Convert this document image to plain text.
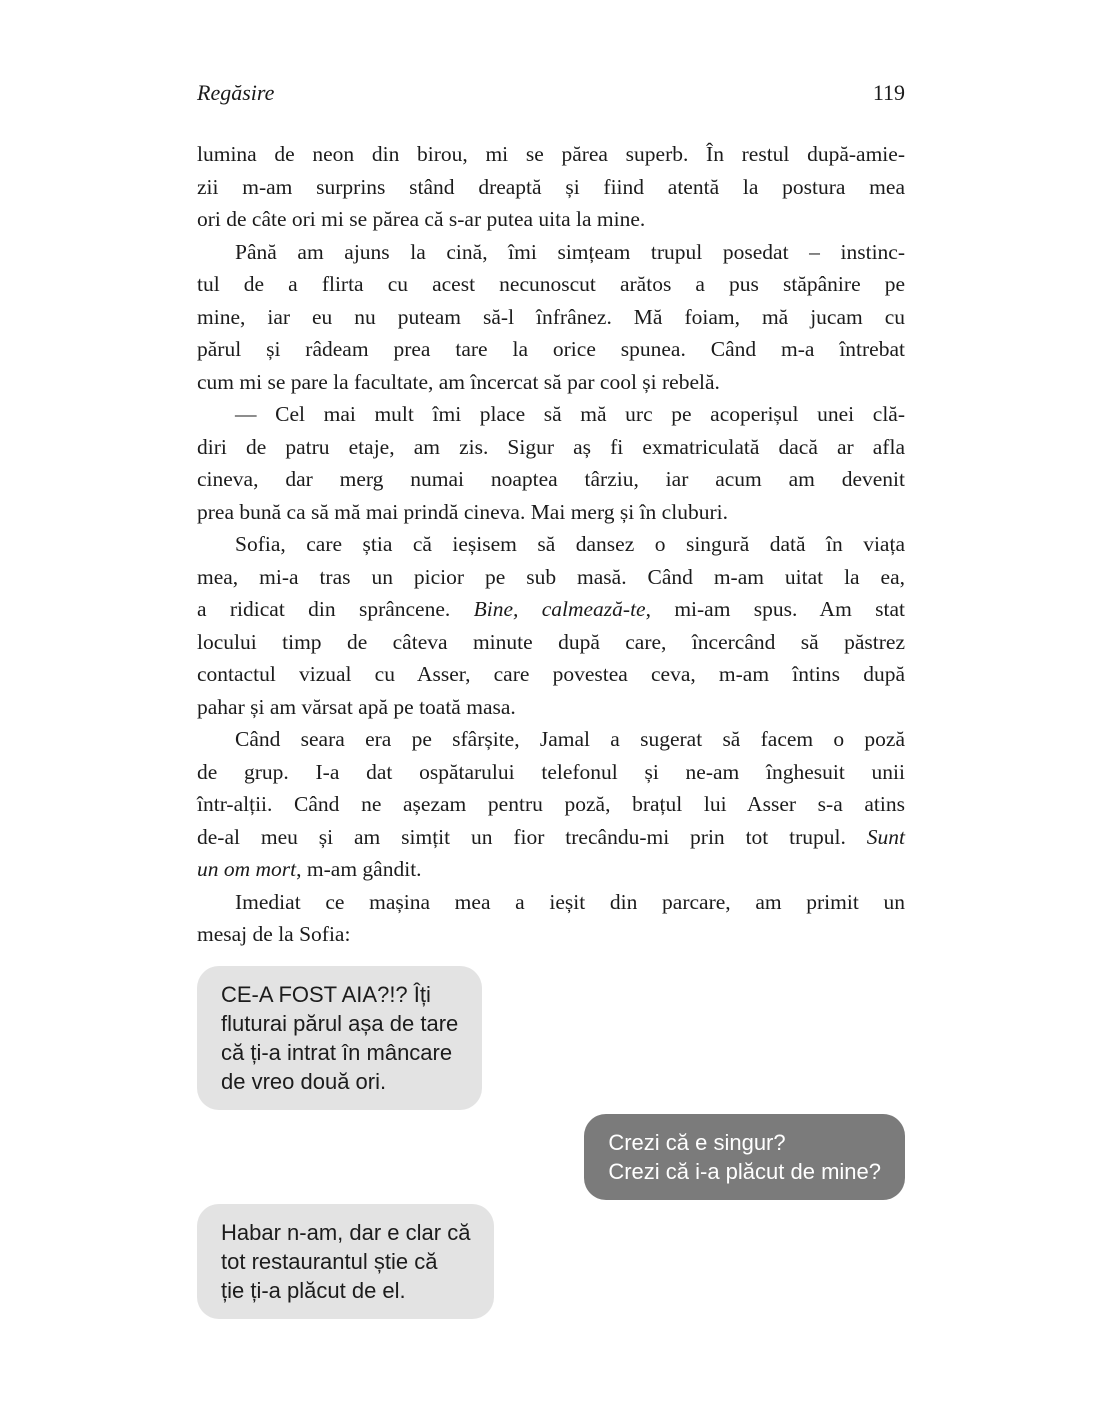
Regăsire	119
lumina de neon din birou, mi se părea superb. În restul după-amie-
zii m-am surprins stând dreaptă și fiind atentă la postura mea
ori de câte ori mi se părea că s-ar putea uita la mine.
Până am ajuns la cină, îmi simțeam trupul posedat – instinc-
tul de a flirta cu acest necunoscut arătos a pus stăpânire pe
mine, iar eu nu puteam să-l înfrânez. Mă foiam, mă jucam cu
părul și râdeam prea tare la orice spunea. Când m-a întrebat
cum mi se pare la facultate, am încercat să par cool și rebelă.
— Cel mai mult îmi place să mă urc pe acoperișul unei clă-
diri de patru etaje, am zis. Sigur aș fi exmatriculată dacă ar afla
cineva, dar merg numai noaptea târziu, iar acum am devenit
prea bună ca să mă mai prindă cineva. Mai merg și în cluburi.
Sofia, care știa că ieșisem să dansez o singură dată în viața
mea, mi-a tras un picior pe sub masă. Când m-am uitat la ea,
a ridicat din sprâncene. Bine, calmează-te, mi-am spus. Am stat
locului timp de câteva minute după care, încercând să păstrez
contactul vizual cu Asser, care povestea ceva, m-am întins după
pahar și am vărsat apă pe toată masa.
Când seara era pe sfârșite, Jamal a sugerat să facem o poză
de grup. I-a dat ospătarului telefonul și ne-am înghesuit unii
într-alții. Când ne așezam pentru poză, brațul lui Asser s-a atins
de-al meu și am simțit un fior trecându-mi prin tot trupul. Sunt
un om mort, m-am gândit.
Imediat ce mașina mea a ieșit din parcare, am primit un
mesaj de la Sofia:
CE-A FOST AIA?!? Îți
fluturai părul așa de tare
că ți-a intrat în mâncare
de vreo două ori.
Crezi că e singur?
Crezi că i-a plăcut de mine?
Habar n-am, dar e clar că
tot restaurantul știe că
ție ți-a plăcut de el.
